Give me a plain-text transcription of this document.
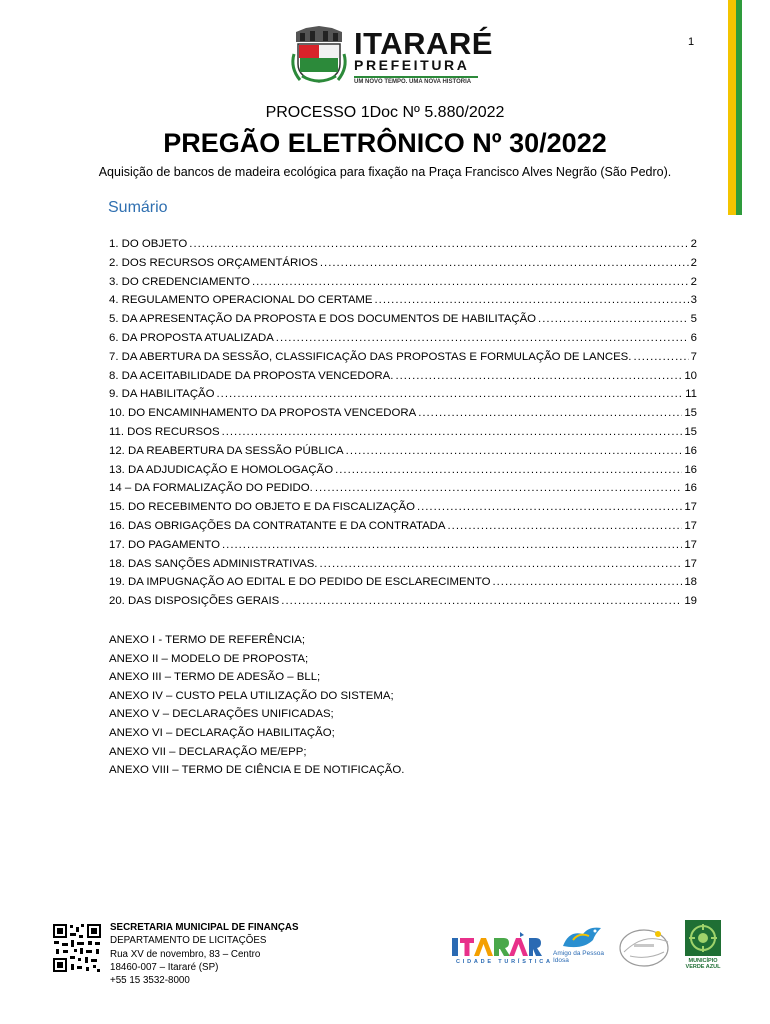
ITARARÉ
PREFEITURA
UM NOVO TEMPO. UMA NOVA HISTÓRIA
1
PROCESSO 1Doc Nº 5.880/2022
PREGÃO ELETRÔNICO Nº 30/2022
Aquisição de bancos de madeira ecológica para fixação na Praça Francisco Alves Negrão (São Pedro).
Sumário
1. DO OBJETO .....	2
2. DOS RECURSOS ORÇAMENTÁRIOS .....	2
3. DO CREDENCIAMENTO .....	2
4. REGULAMENTO OPERACIONAL DO CERTAME .....	3
5. DA APRESENTAÇÃO DA PROPOSTA E DOS DOCUMENTOS DE HABILITAÇÃO .....	5
6. DA PROPOSTA ATUALIZADA .....	6
7. DA ABERTURA DA SESSÃO, CLASSIFICAÇÃO DAS PROPOSTAS E FORMULAÇÃO DE LANCES. .....	7
8. DA ACEITABILIDADE DA PROPOSTA VENCEDORA. .....	10
9. DA HABILITAÇÃO .....	11
10. DO ENCAMINHAMENTO DA PROPOSTA VENCEDORA .....	15
11. DOS RECURSOS .....	15
12. DA REABERTURA DA SESSÃO PÚBLICA .....	16
13. DA ADJUDICAÇÃO E HOMOLOGAÇÃO .....	16
14 – DA FORMALIZAÇÃO DO PEDIDO. .....	16
15. DO RECEBIMENTO DO OBJETO E DA FISCALIZAÇÃO .....	17
16. DAS OBRIGAÇÕES DA CONTRATANTE E DA CONTRATADA .....	17
17. DO PAGAMENTO .....	17
18. DAS SANÇÕES ADMINISTRATIVAS. .....	17
19. DA IMPUGNAÇÃO AO EDITAL E DO PEDIDO DE ESCLARECIMENTO .....	18
20. DAS DISPOSIÇÕES GERAIS .....	19
ANEXO I - TERMO DE REFERÊNCIA;
ANEXO II – MODELO DE PROPOSTA;
ANEXO III – TERMO DE ADESÃO – BLL;
ANEXO IV – CUSTO PELA UTILIZAÇÃO DO SISTEMA;
ANEXO V – DECLARAÇÕES UNIFICADAS;
ANEXO VI – DECLARAÇÃO HABILITAÇÃO;
ANEXO VII – DECLARAÇÃO ME/EPP;
ANEXO VIII – TERMO DE CIÊNCIA E DE NOTIFICAÇÃO.
SECRETARIA MUNICIPAL DE FINANÇAS
DEPARTAMENTO DE LICITAÇÕES
Rua XV de novembro, 83 – Centro
18460-007 – Itararé (SP)
+55 15 3532-8000
CIDADE TURÍSTICA
Amigo da Pessoa Idosa	MUNICÍPIO VERDE AZUL
